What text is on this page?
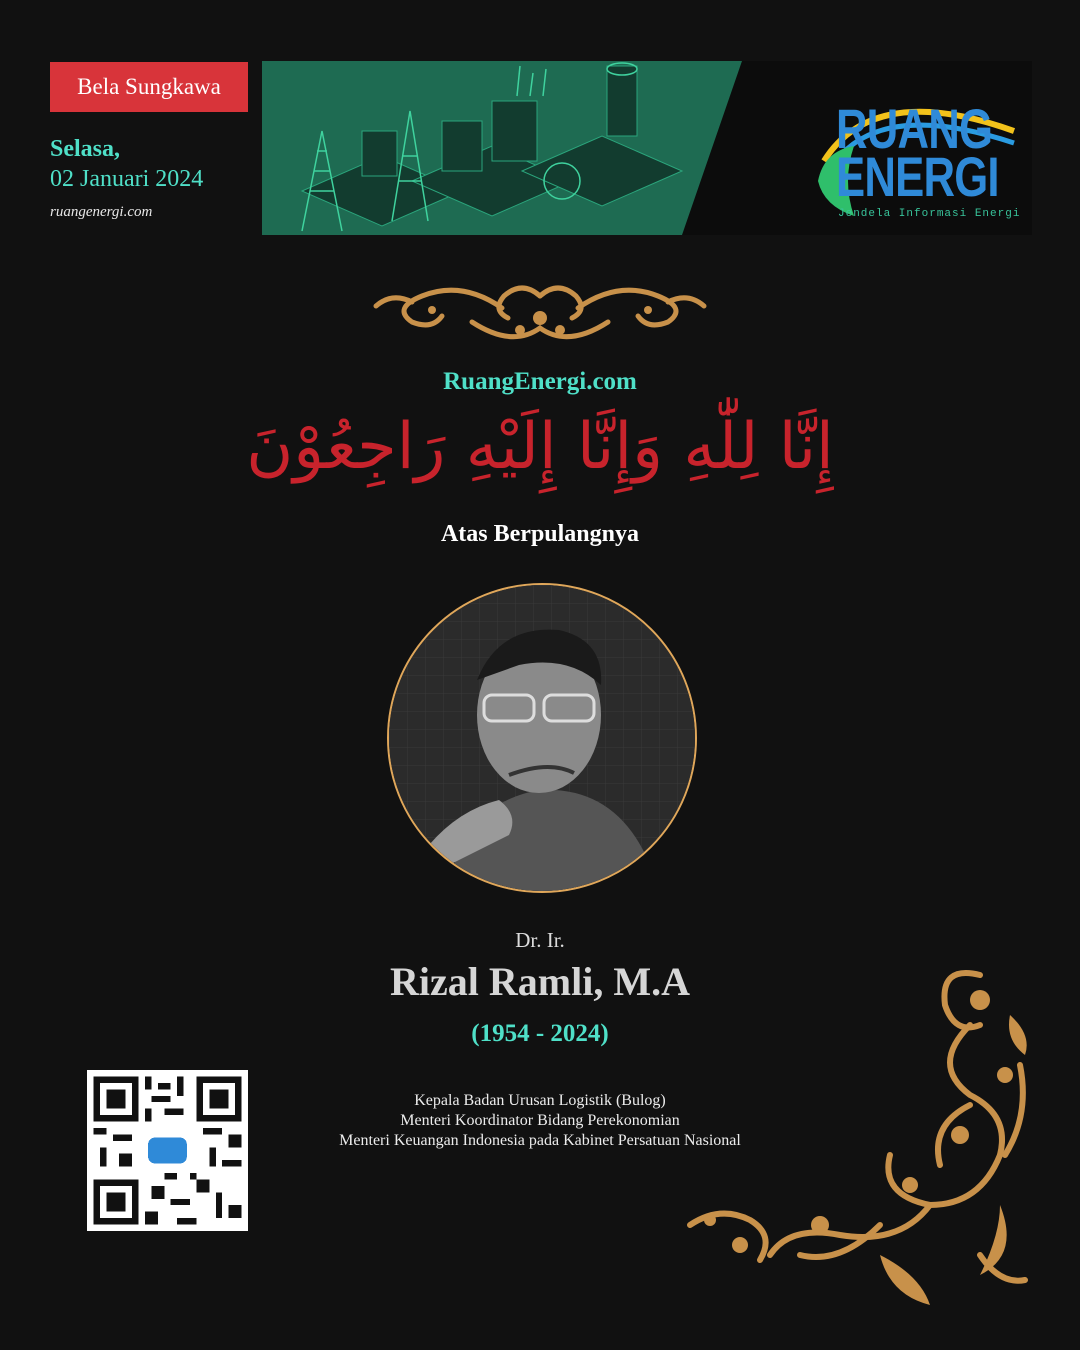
Bela Sungkawa
Selasa,
02 Januari 2024
ruangenergi.com
RUANG
ENERGI
Jendela Informasi Energi
RuangEnergi.com
إِنَّا لِلّٰهِ وَإِنَّا إِلَيْهِ رَاجِعُوْنَ
Atas Berpulangnya
Dr. Ir.
Rizal Ramli, M.A
(1954 - 2024)
Kepala Badan Urusan Logistik (Bulog)
Menteri Koordinator Bidang Perekonomian
Menteri Keuangan Indonesia pada Kabinet Persatuan Nasional
